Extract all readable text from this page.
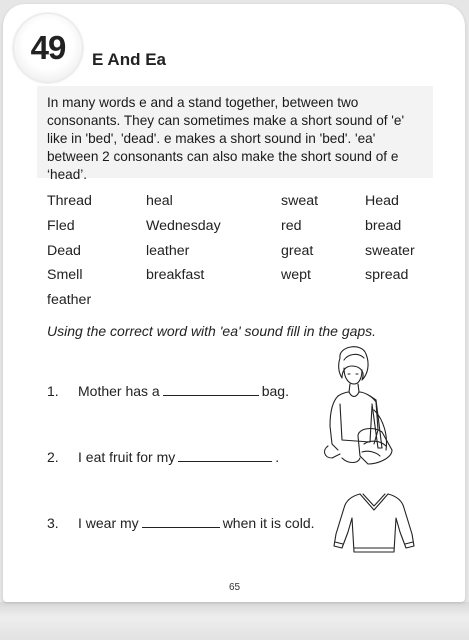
49 E And Ea

In many words e and a stand together, between two consonants. They can sometimes make a short sound of 'e' like in 'bed', 'dead'. e makes a short sound in 'bed'. 'ea' between 2 consonants can also make the short sound of e ‘head’.

Thread	heal	sweat	Head
Fled	Wednesday	red	bread
Dead	leather	great	sweater
Smell	breakfast	wept	spread
feather
Using the correct word with 'ea' sound fill in the gaps.
1. Mother has a	bag.
2. I eat fruit for my	.
3. I wear my	when it is cold.
65
